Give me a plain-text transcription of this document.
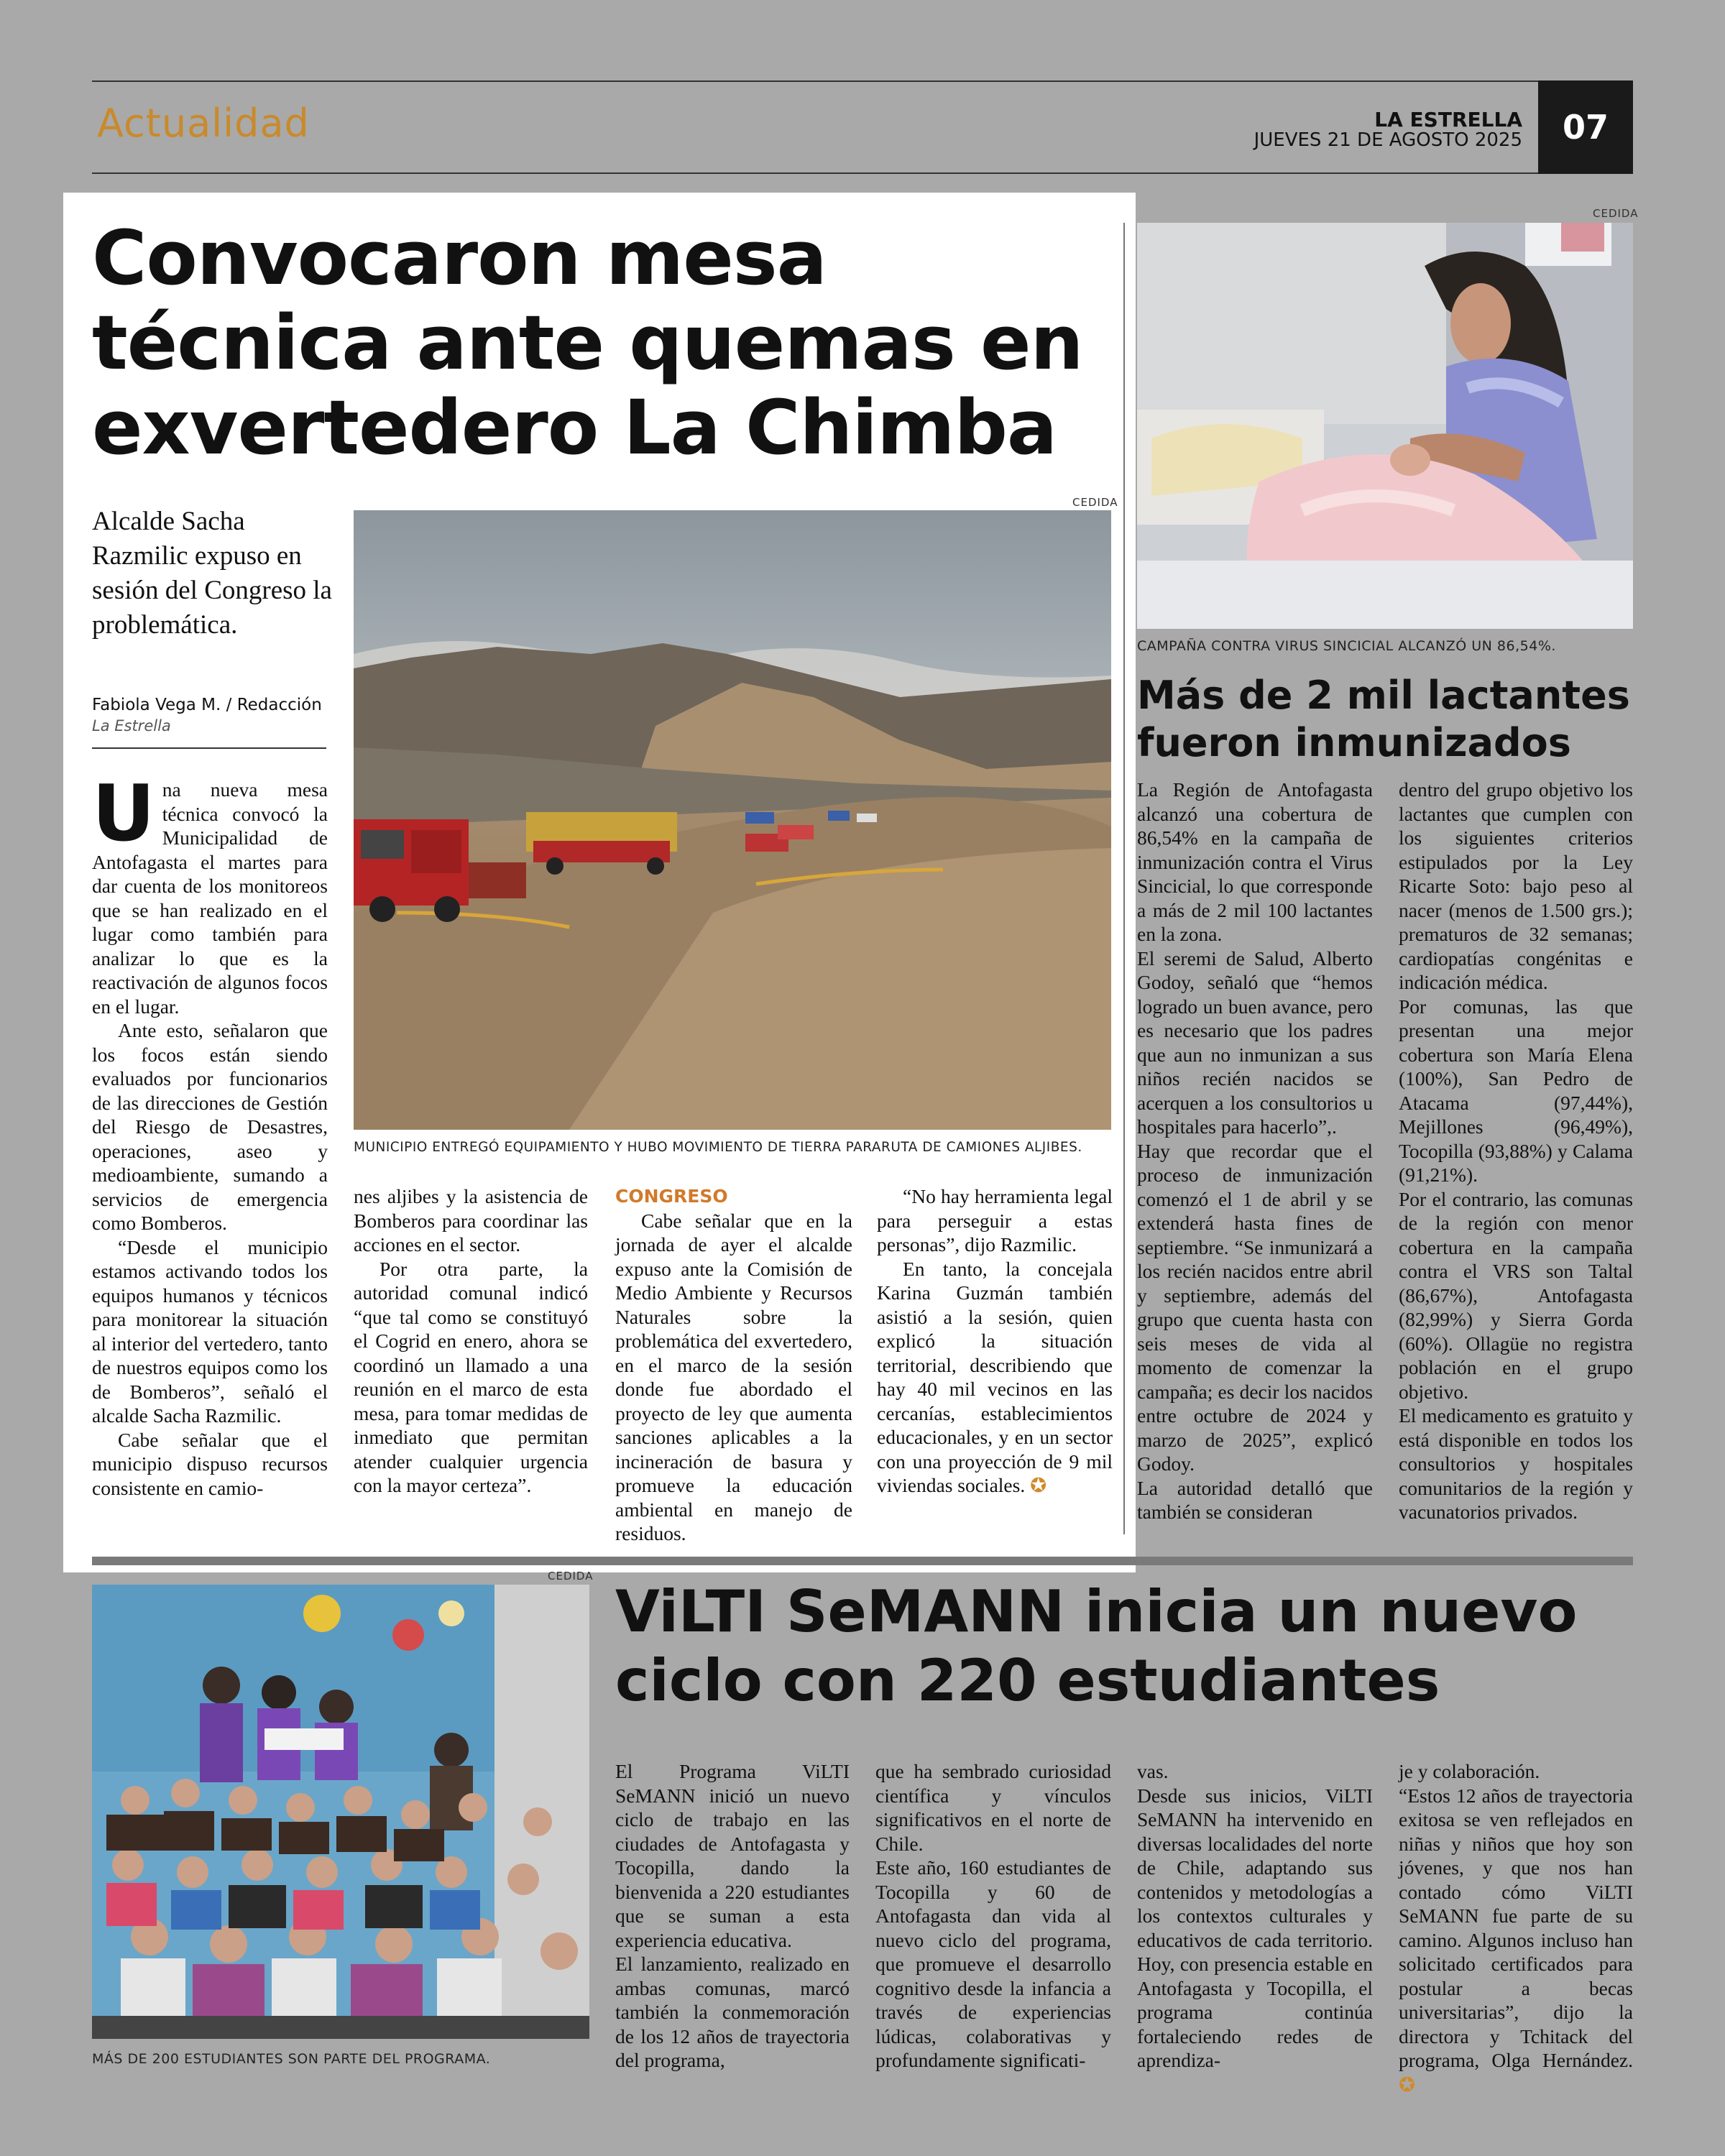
Actualidad	LA ESTRELLA
JUEVES 21 DE AGOSTO 2025	07
Convocaron mesa técnica ante quemas en exvertedero La Chimba
Alcalde Sacha Razmilic expuso en sesión del Congreso la problemática.
Fabiola Vega M. / Redacción
La Estrella
CEDIDA
MUNICIPIO ENTREGÓ EQUIPAMIENTO Y HUBO MOVIMIENTO DE TIERRA PARARUTA DE CAMIONES ALJIBES.

Una nueva mesa técnica convocó la Municipalidad de Antofagasta el martes para dar cuenta de los monitoreos que se han realizado en el lugar como también para analizar lo que es la reactivación de algunos focos en el lugar.

Ante esto, señalaron que los focos están siendo evaluados por funcionarios de las direcciones de Gestión del Riesgo de Desastres, operaciones, aseo y medioambiente, sumando a servicios de emergencia como Bomberos.

“Desde el municipio estamos activando todos los equipos humanos y técnicos para monitorear la situación al interior del vertedero, tanto de nuestros equipos como los de Bomberos”, señaló el alcalde Sacha Razmilic.

Cabe señalar que el municipio dispuso recursos consistente en camio-

nes aljibes y la asistencia de Bomberos para coordinar las acciones en el sector.

Por otra parte, la autoridad comunal indicó “que tal como se constituyó el Cogrid en enero, ahora se coordinó un llamado a una reunión en el marco de esta mesa, para tomar medidas de inmediato que permitan atender cualquier urgencia con la mayor certeza”.

CONGRESO

Cabe señalar que en la jornada de ayer el alcalde expuso ante la Comisión de Medio Ambiente y Recursos Naturales sobre la problemática del exvertedero, en el marco de la sesión donde fue abordado el proyecto de ley que aumenta sanciones aplicables a la incineración de basura y promueve la educación ambiental en manejo de residuos.

“No hay herramienta legal para perseguir a estas personas”, dijo Razmilic.

En tanto, la concejala Karina Guzmán también asistió a la sesión, quien explicó la situación territorial, describiendo que hay 40 mil vecinos en las cercanías, establecimientos educacionales, y en un sector con una proyección de 9 mil viviendas sociales. ✪

CEDIDA
CAMPAÑA CONTRA VIRUS SINCICIAL ALCANZÓ UN 86,54%.
Más de 2 mil lactantes fueron inmunizados

La Región de Antofagasta alcanzó una cobertura de 86,54% en la campaña de inmunización contra el Virus Sincicial, lo que corresponde a más de 2 mil 100 lactantes en la zona.

El seremi de Salud, Alberto Godoy, señaló que “hemos logrado un buen avance, pero es necesario que los padres que aun no inmunizan a sus niños recién nacidos se acerquen a los consultorios u hospitales para hacerlo”,.

Hay que recordar que el proceso de inmunización comenzó el 1 de abril y se extenderá hasta fines de septiembre. “Se inmunizará a los recién nacidos entre abril y septiembre, además del grupo que cuenta hasta con seis meses de vida al momento de comenzar la campaña; es decir los nacidos entre octubre de 2024 y marzo de 2025”, explicó Godoy.

La autoridad detalló que también se consideran

dentro del grupo objetivo los lactantes que cumplen con los siguientes criterios estipulados por la Ley Ricarte Soto: bajo peso al nacer (menos de 1.500 grs.); prematuros de 32 semanas; cardiopatías congénitas e indicación médica.

Por comunas, las que presentan una mejor cobertura son María Elena (100%), San Pedro de Atacama (97,44%), Mejillones (96,49%), Tocopilla (93,88%) y Calama (91,21%).

Por el contrario, las comunas de la región con menor cobertura en la campaña contra el VRS son Taltal (86,67%), Antofagasta (82,99%) y Sierra Gorda (60%). Ollagüe no registra población en el grupo objetivo.

El medicamento es gratuito y está disponible en todos los consultorios y hospitales comunitarios de la región y vacunatorios privados.

CEDIDA
MÁS DE 200 ESTUDIANTES SON PARTE DEL PROGRAMA.
ViLTI SeMANN inicia un nuevo ciclo con 220 estudiantes

El Programa ViLTI SeMANN inició un nuevo ciclo de trabajo en las ciudades de Antofagasta y Tocopilla, dando la bienvenida a 220 estudiantes que se suman a esta experiencia educativa.

El lanzamiento, realizado en ambas comunas, marcó también la conmemoración de los 12 años de trayectoria del programa,

que ha sembrado curiosidad científica y vínculos significativos en el norte de Chile.

Este año, 160 estudiantes de Tocopilla y 60 de Antofagasta dan vida al nuevo ciclo del programa, que promueve el desarrollo cognitivo desde la infancia a través de experiencias lúdicas, colaborativas y profundamente significati-

vas.

Desde sus inicios, ViLTI SeMANN ha intervenido en diversas localidades del norte de Chile, adaptando sus contenidos y metodologías a los contextos culturales y educativos de cada territorio. Hoy, con presencia estable en Antofagasta y Tocopilla, el programa continúa fortaleciendo redes de aprendiza-

je y colaboración.

“Estos 12 años de trayectoria exitosa se ven reflejados en niñas y niños que hoy son jóvenes, y que nos han contado cómo ViLTI SeMANN fue parte de su camino. Algunos incluso han solicitado certificados para postular a becas universitarias”, dijo la directora y Tchitack del programa, Olga Hernández. ✪
